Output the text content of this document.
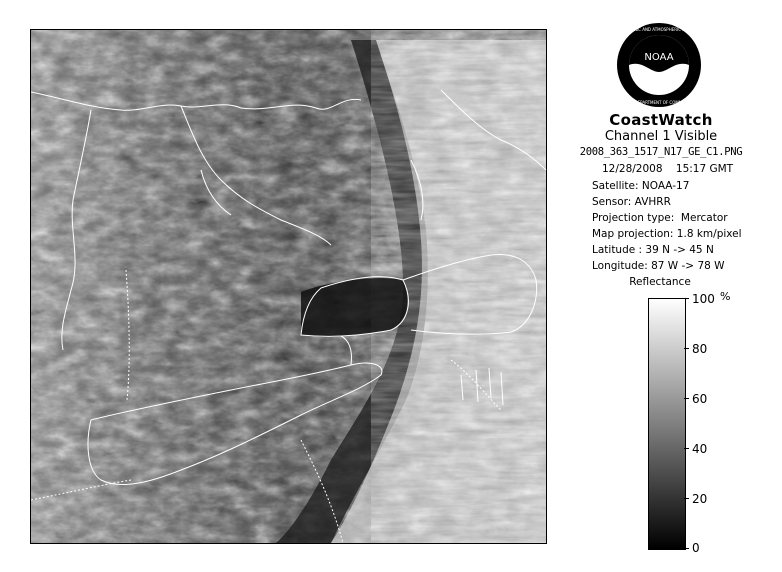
NOAA
NATIONAL OCEANIC AND ATMOSPHERIC ADMINISTRATION
U.S. DEPARTMENT OF COMMERCE
CoastWatch
Channel 1 Visible
2008_363_1517_N17_GE_C1.PNG
12/28/2008 15:17 GMT
Satellite: NOAA-17
Sensor: AVHRR
Projection type:  Mercator
Map projection: 1.8 km/pixel
Latitude : 39 N -> 45 N
Longitude: 87 W -> 78 W
Reflectance
%
100
80
60
40
20
0
